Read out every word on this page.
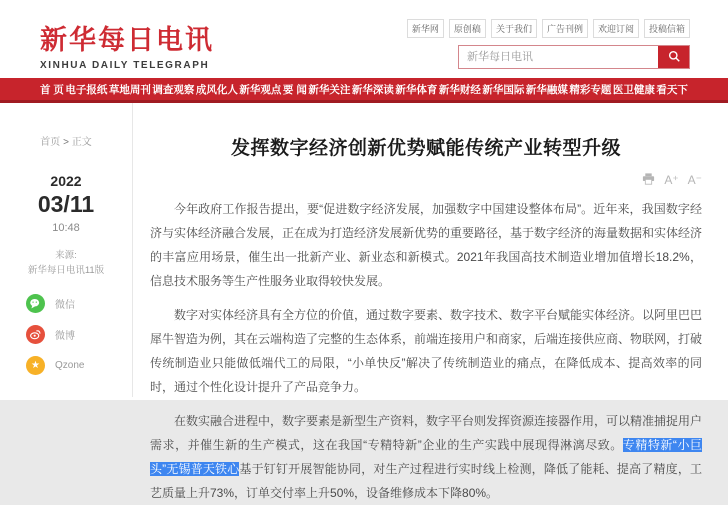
新华每日电讯
XINHUA DAILY TELEGRAPH
新华网	原创稿	关于我们	广告刊例	欢迎订阅	投稿信箱
新华每日电讯
首 页 电子报纸 草地周刊 调查观察 成风化人 新华观点 要 闻 新华关注 新华深读 新华体育 新华财经 新华国际 新华融媒 精彩专题 医卫健康 看天下
首页 > 正文
2022
03/11
10:48
来源:
新华每日电讯11版
微信
微博
★	Qzone
发挥数字经济创新优势赋能传统产业转型升级
A⁺ A⁻

今年政府工作报告提出，要“促进数字经济发展，加强数字中国建设整体布局”。近年来，我国数字经济与实体经济融合发展，正在成为打造经济发展新优势的重要路径，基于数字经济的海量数据和实体经济的丰富应用场景，催生出一批新产业、新业态和新模式。2021年我国高技术制造业增加值增长18.2%，信息技术服务等生产性服务业取得较快发展。

数字对实体经济具有全方位的价值，通过数字要素、数字技术、数字平台赋能实体经济。以阿里巴巴犀牛智造为例，其在云端构造了完整的生态体系，前端连接用户和商家，后端连接供应商、物联网，打破传统制造业只能做低端代工的局限，“小单快反”解决了传统制造业的痛点，在降低成本、提高效率的同时，通过个性化设计提升了产品竞争力。

在数实融合进程中，数字要素是新型生产资料，数字平台则发挥资源连接器作用，可以精准捕捉用户需求，并催生新的生产模式，这在我国“专精特新”企业的生产实践中展现得淋漓尽致。专精特新“小巨头”无锡普天铁心基于钉钉开展智能协同，对生产过程进行实时线上检测，降低了能耗、提高了精度，工艺质量上升73%，订单交付率上升50%，设备维修成本下降80%。
